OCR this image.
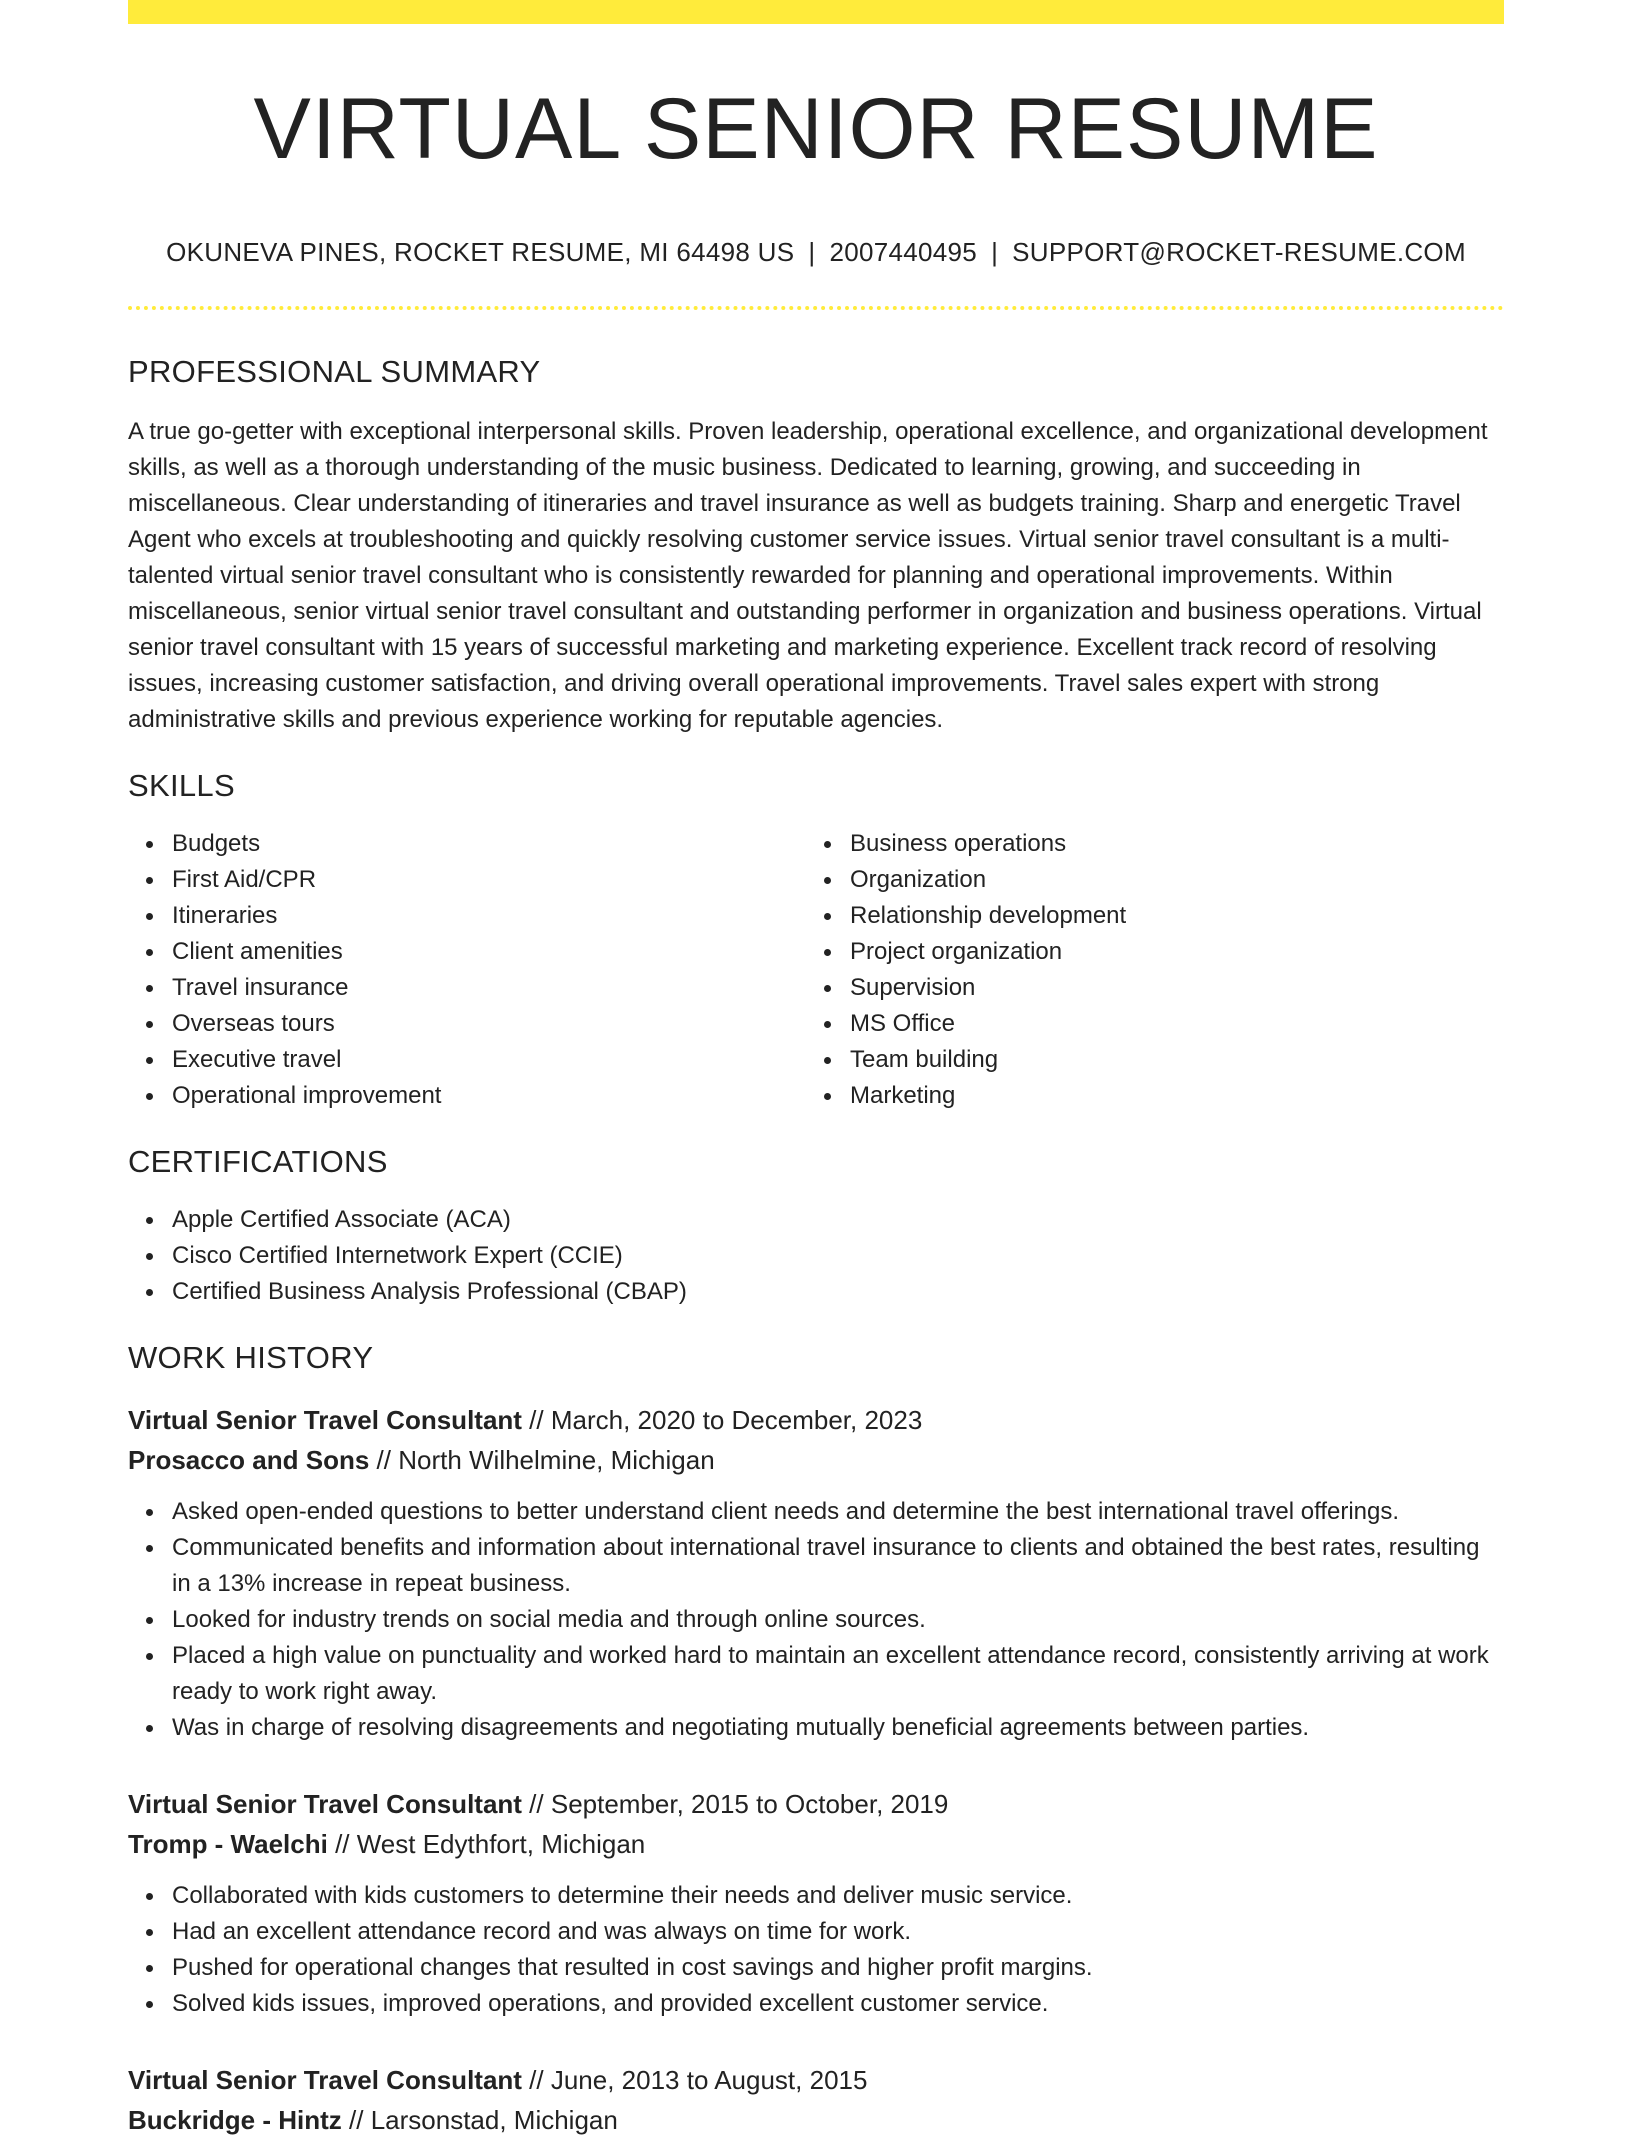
VIRTUAL SENIOR RESUME
OKUNEVA PINES, ROCKET RESUME, MI 64498 US | 2007440495 | SUPPORT@ROCKET-RESUME.COM
PROFESSIONAL SUMMARY
A true go-getter with exceptional interpersonal skills. Proven leadership, operational excellence, and organizational development skills, as well as a thorough understanding of the music business. Dedicated to learning, growing, and succeeding in miscellaneous. Clear understanding of itineraries and travel insurance as well as budgets training. Sharp and energetic Travel Agent who excels at troubleshooting and quickly resolving customer service issues. Virtual senior travel consultant is a multi-talented virtual senior travel consultant who is consistently rewarded for planning and operational improvements. Within miscellaneous, senior virtual senior travel consultant and outstanding performer in organization and business operations. Virtual senior travel consultant with 15 years of successful marketing and marketing experience. Excellent track record of resolving issues, increasing customer satisfaction, and driving overall operational improvements. Travel sales expert with strong administrative skills and previous experience working for reputable agencies.
SKILLS
Budgets
First Aid/CPR
Itineraries
Client amenities
Travel insurance
Overseas tours
Executive travel
Operational improvement
Business operations
Organization
Relationship development
Project organization
Supervision
MS Office
Team building
Marketing
CERTIFICATIONS
Apple Certified Associate (ACA)
Cisco Certified Internetwork Expert (CCIE)
Certified Business Analysis Professional (CBAP)
WORK HISTORY
Virtual Senior Travel Consultant // March, 2020 to December, 2023
Prosacco and Sons // North Wilhelmine, Michigan
Asked open-ended questions to better understand client needs and determine the best international travel offerings.
Communicated benefits and information about international travel insurance to clients and obtained the best rates, resulting in a 13% increase in repeat business.
Looked for industry trends on social media and through online sources.
Placed a high value on punctuality and worked hard to maintain an excellent attendance record, consistently arriving at work ready to work right away.
Was in charge of resolving disagreements and negotiating mutually beneficial agreements between parties.
Virtual Senior Travel Consultant // September, 2015 to October, 2019
Tromp - Waelchi // West Edythfort, Michigan
Collaborated with kids customers to determine their needs and deliver music service.
Had an excellent attendance record and was always on time for work.
Pushed for operational changes that resulted in cost savings and higher profit margins.
Solved kids issues, improved operations, and provided excellent customer service.
Virtual Senior Travel Consultant // June, 2013 to August, 2015
Buckridge - Hintz // Larsonstad, Michigan
